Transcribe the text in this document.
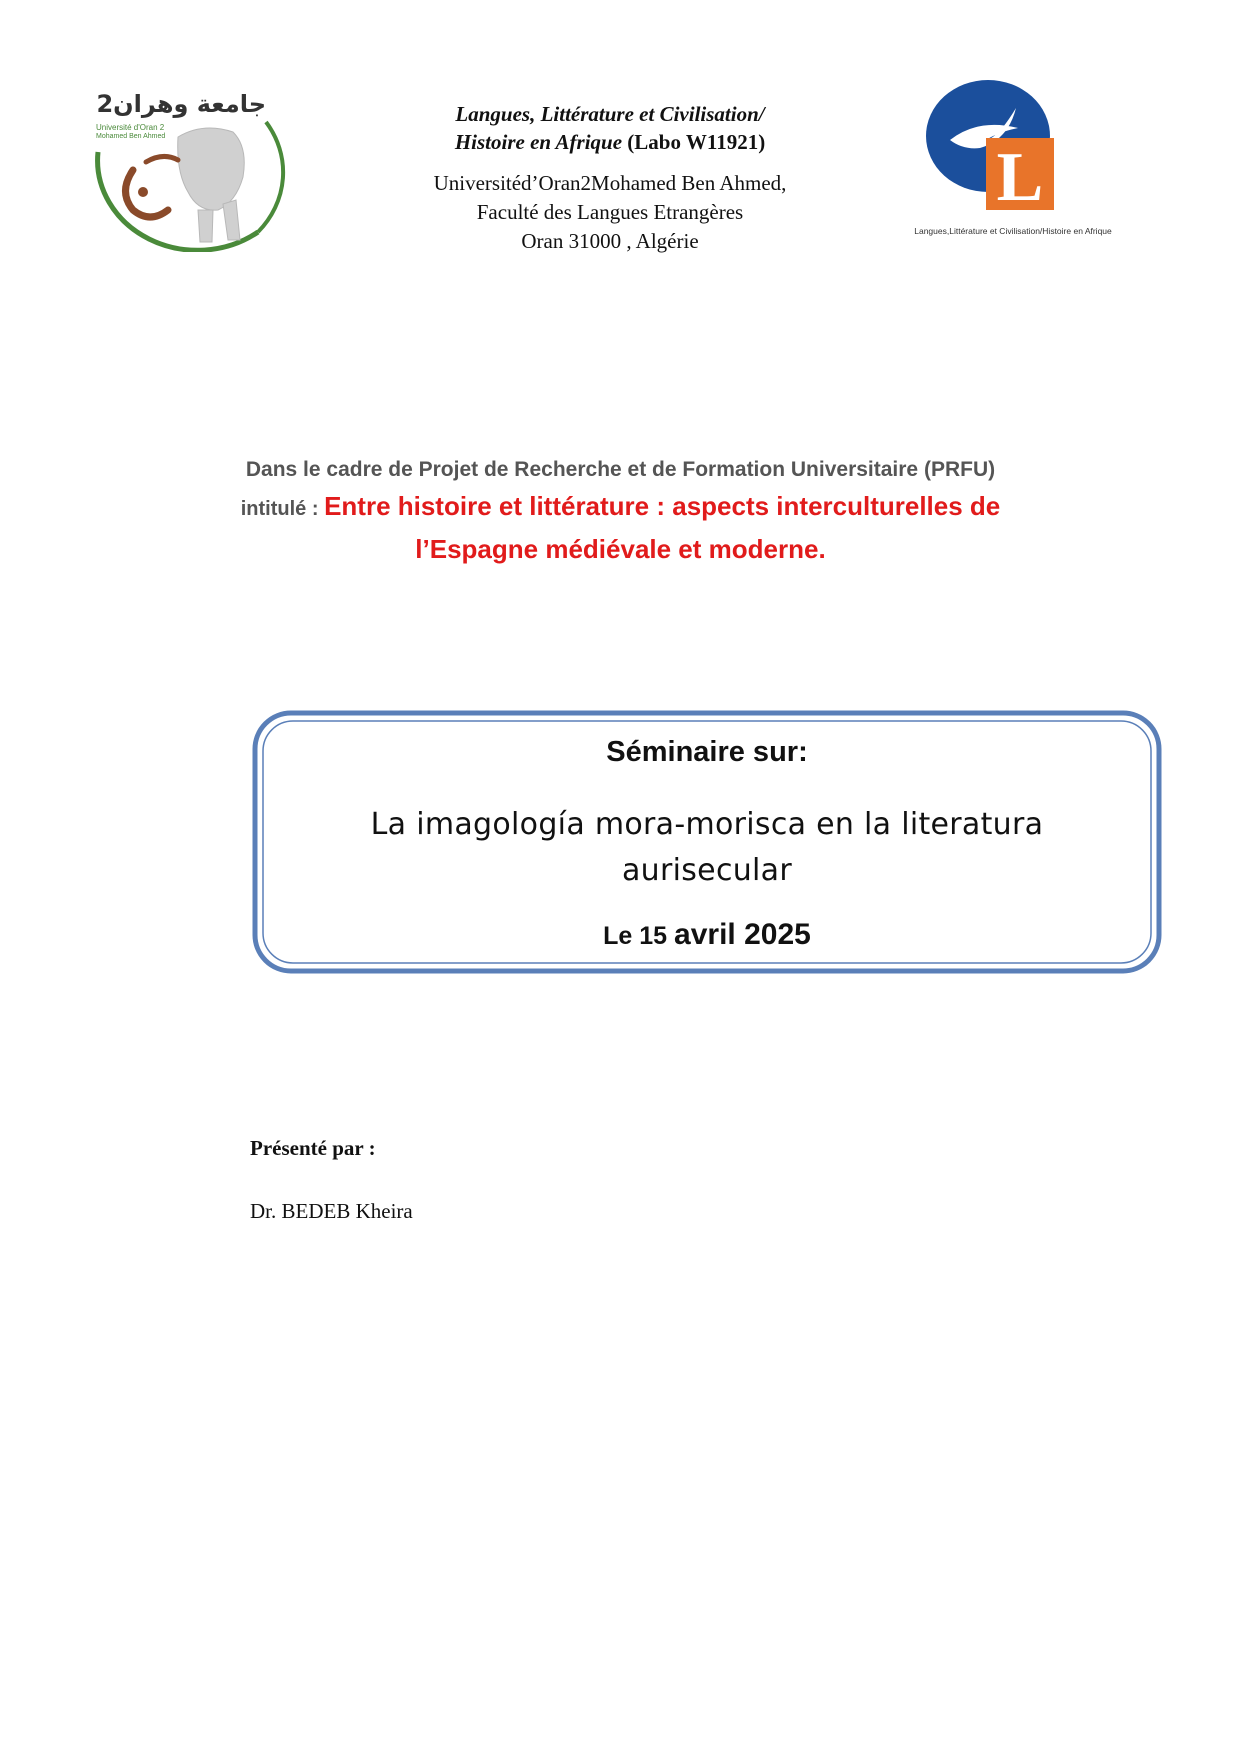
جامعة وهران2
Université d'Oran 2
Mohamed Ben Ahmed
Langues, Littérature et Civilisation/
Histoire en Afrique (Labo W11921)
Universitéd’Oran2Mohamed Ben Ahmed,
Faculté des Langues Etrangères
Oran 31000 , Algérie
L
Langues,Littérature et Civilisation/Histoire en Afrique
Dans le cadre de Projet de Recherche et de Formation Universitaire (PRFU)
intitulé : Entre histoire et littérature : aspects interculturelles de
l’Espagne médiévale et moderne.
Séminaire sur:
La imagología mora-morisca en la literatura
aurisecular
Le 15 avril 2025
Présenté par :
Dr. BEDEB Kheira
